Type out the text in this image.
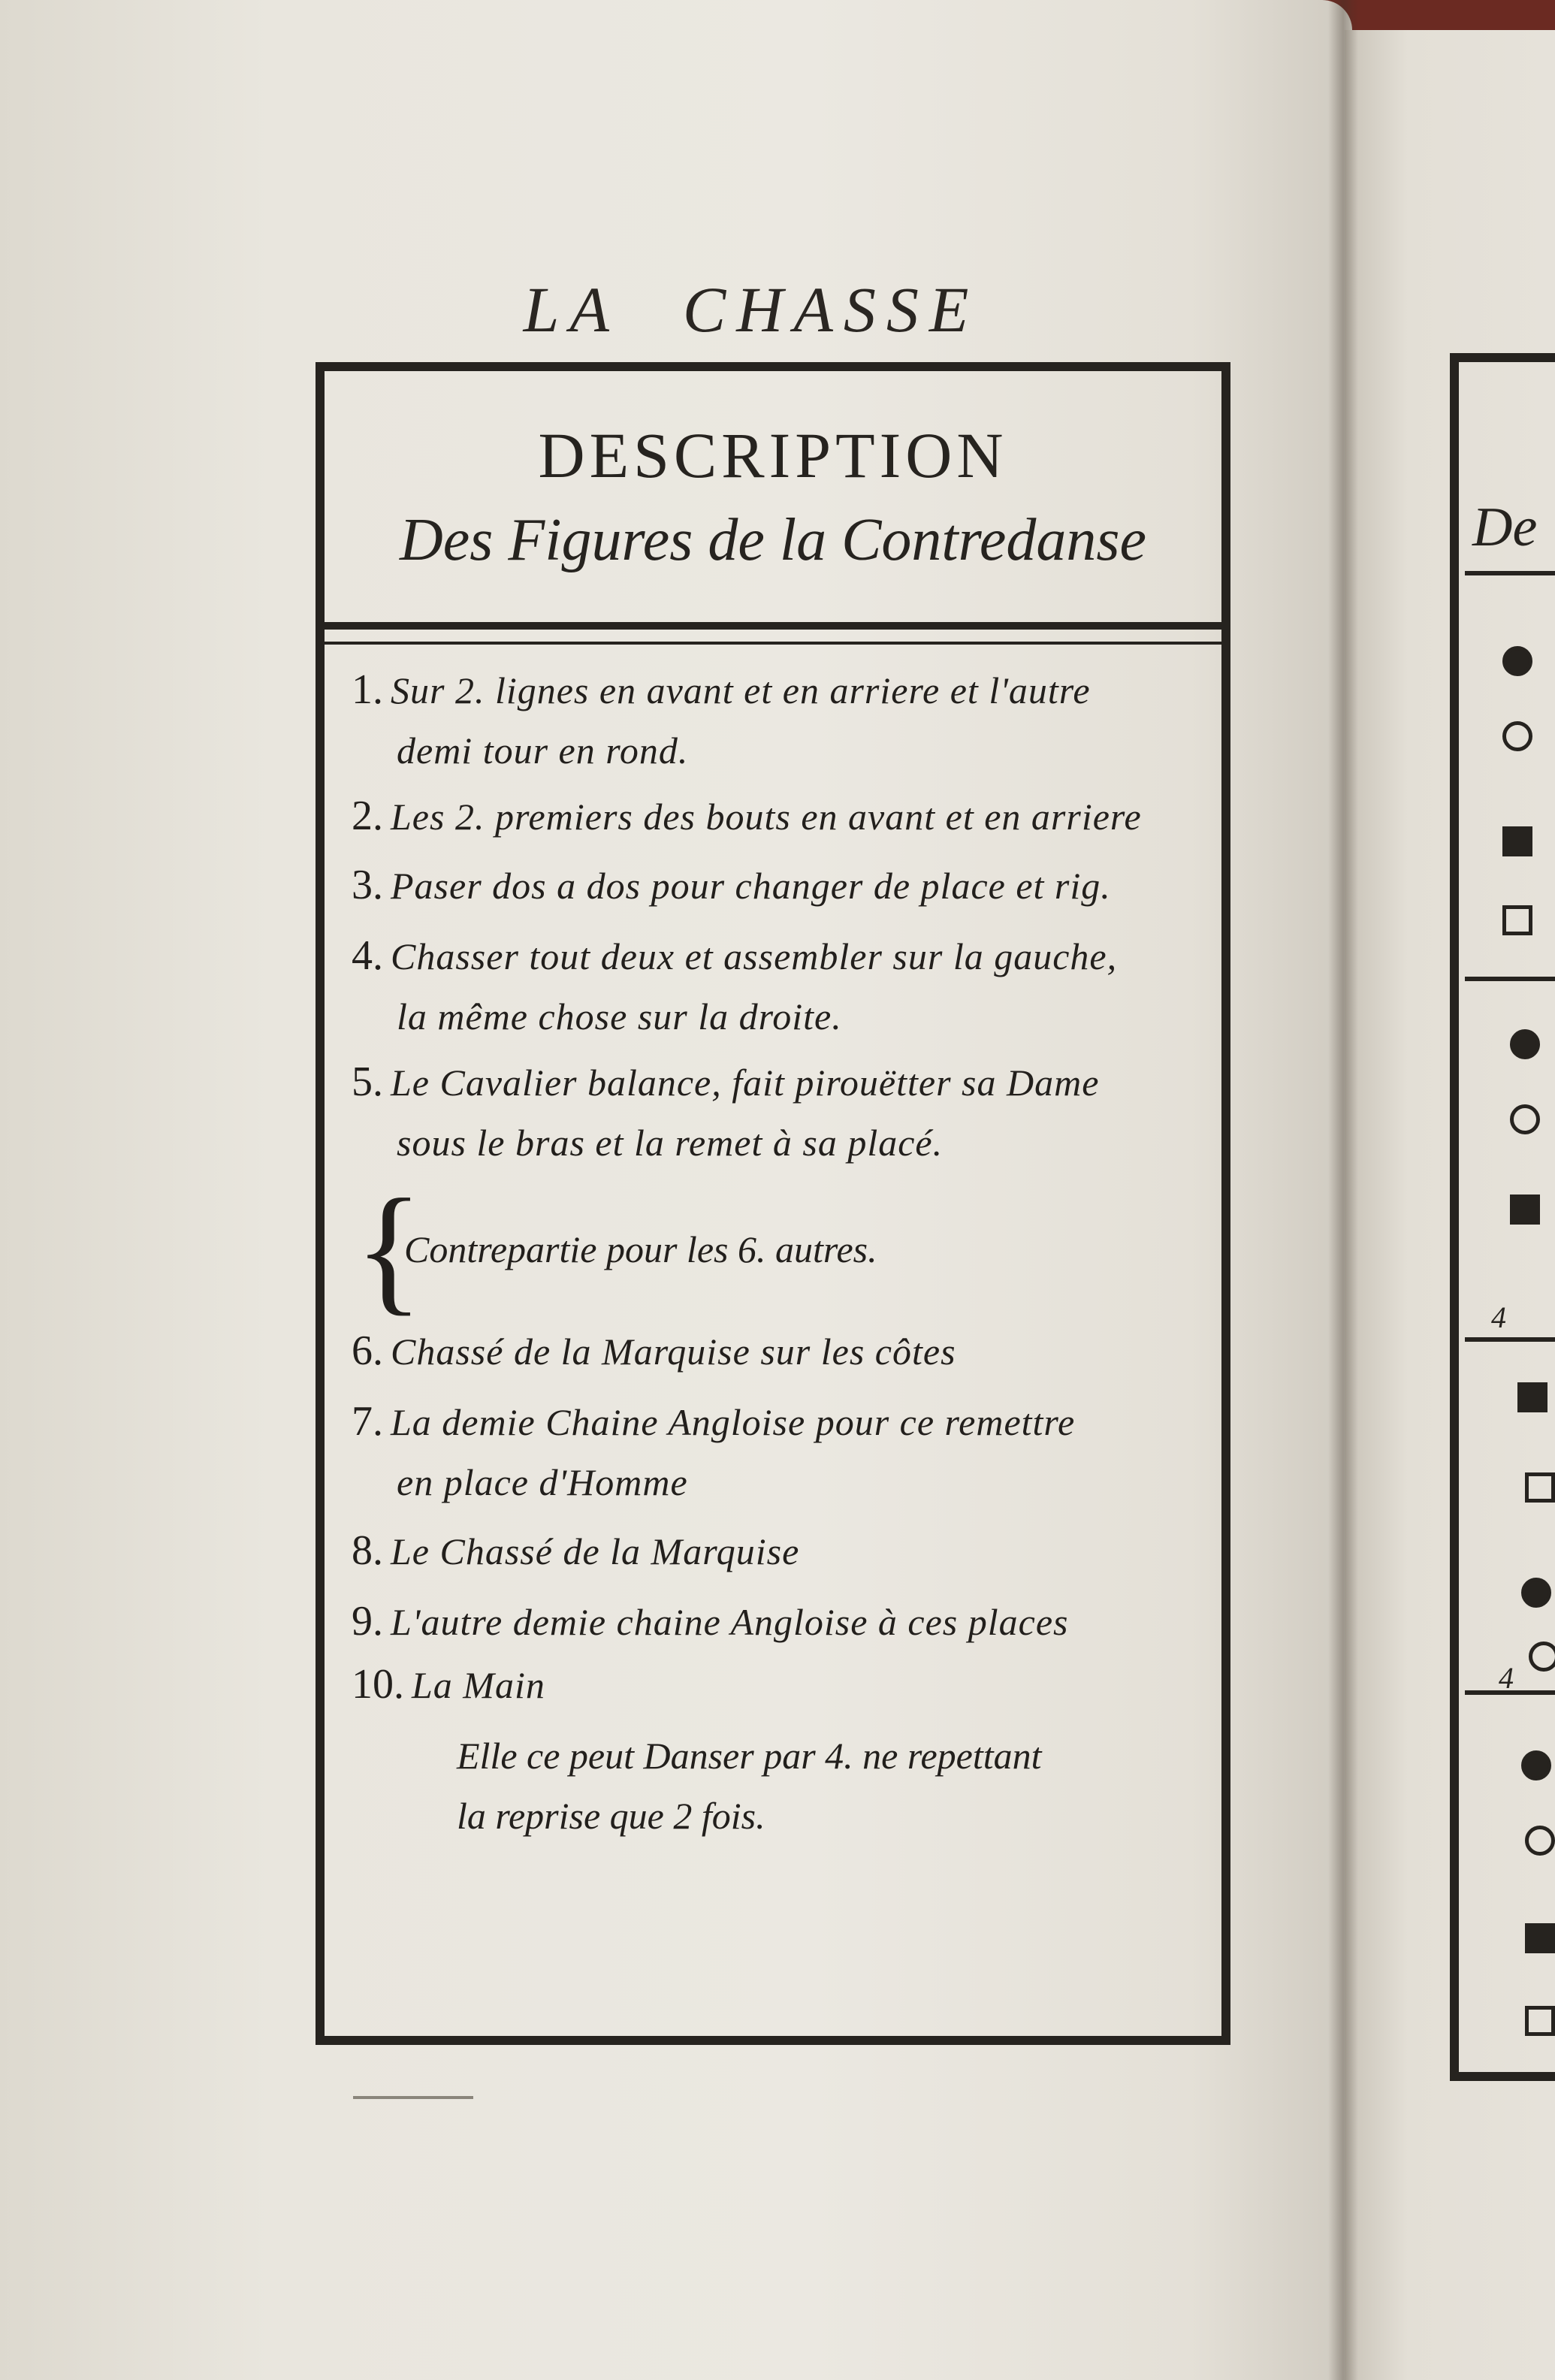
LA CHASSE
DESCRIPTION
Des Figures de la Contredanse
1. Sur 2. lignes en avant et en arriere et l'autre
demi tour en rond.
2. Les 2. premiers des bouts en avant et en arriere
3. Paser dos a dos pour changer de place et rig.
4. Chasser tout deux et assembler sur la gauche,
la même chose sur la droite.
5. Le Cavalier balance, fait pirouëtter sa Dame
sous le bras et la remet à sa placé.
{
Contrepartie pour les 6. autres.
6. Chassé de la Marquise sur les côtes
7. La demie Chaine Angloise pour ce remettre
en place d'Homme
8. Le Chassé de la Marquise
9. L'autre demie chaine Angloise à ces places
10. La Main
Elle ce peut Danser par 4. ne repettant
la reprise que 2 fois.
De
4
4
